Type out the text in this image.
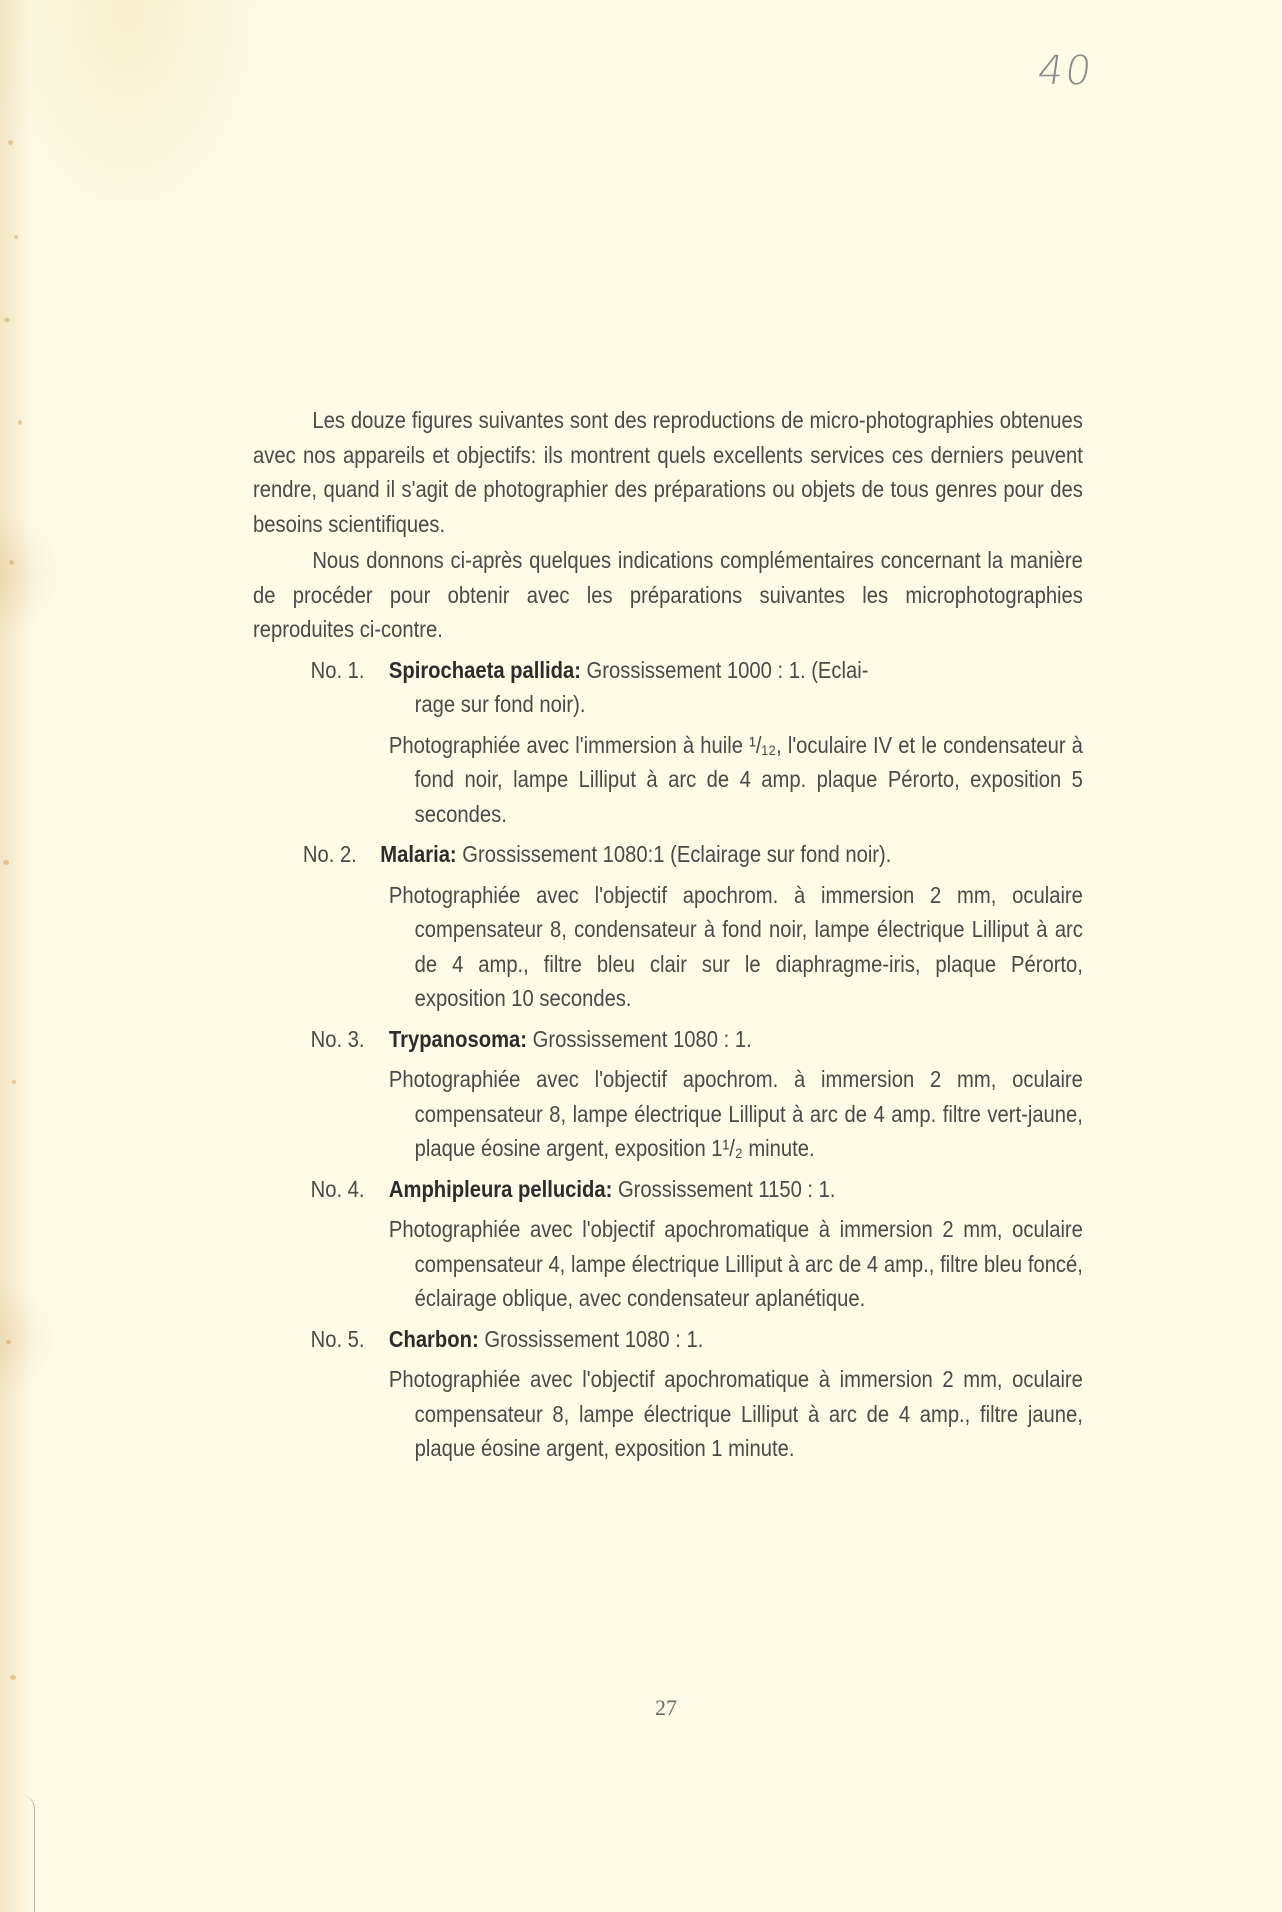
40

Les douze figures suivantes sont des reproductions de micro-photographies obtenues avec nos appareils et objectifs: ils montrent quels excellents services ces derniers peuvent rendre, quand il s'agit de photographier des préparations ou objets de tous genres pour des besoins scientifiques.

Nous donnons ci-après quelques indications complémentaires concernant la manière de procéder pour obtenir avec les préparations suivantes les microphotographies reproduites ci-contre.

No. 1. Spirochaeta pallida: Grossissement 1000 : 1. (Eclai-
rage sur fond noir).
Photographiée avec l'immersion à huile ¹/₁₂, l'oculaire IV et le condensateur à fond noir, lampe Lilliput à arc de 4 amp. plaque Pérorto, exposition 5 secondes.
No. 2. Malaria: Grossissement 1080:1 (Eclairage sur fond noir).
Photographiée avec l'objectif apochrom. à immersion 2 mm, oculaire compensateur 8, condensateur à fond noir, lampe électrique Lilliput à arc de 4 amp., filtre bleu clair sur le diaphragme-iris, plaque Pérorto, exposition 10 secondes.
No. 3. Trypanosoma: Grossissement 1080 : 1.
Photographiée avec l'objectif apochrom. à immersion 2 mm, oculaire compensateur 8, lampe électrique Lilliput à arc de 4 amp. filtre vert-jaune, plaque éosine argent, exposition 1¹/₂ minute.
No. 4. Amphipleura pellucida: Grossissement 1150 : 1.
Photographiée avec l'objectif apochromatique à immersion 2 mm, oculaire compensateur 4, lampe électrique Lilliput à arc de 4 amp., filtre bleu foncé, éclairage oblique, avec condensateur aplanétique.
No. 5. Charbon: Grossissement 1080 : 1.
Photographiée avec l'objectif apochromatique à immersion 2 mm, oculaire compensateur 8, lampe électrique Lilliput à arc de 4 amp., filtre jaune, plaque éosine argent, exposition 1 minute.
27
